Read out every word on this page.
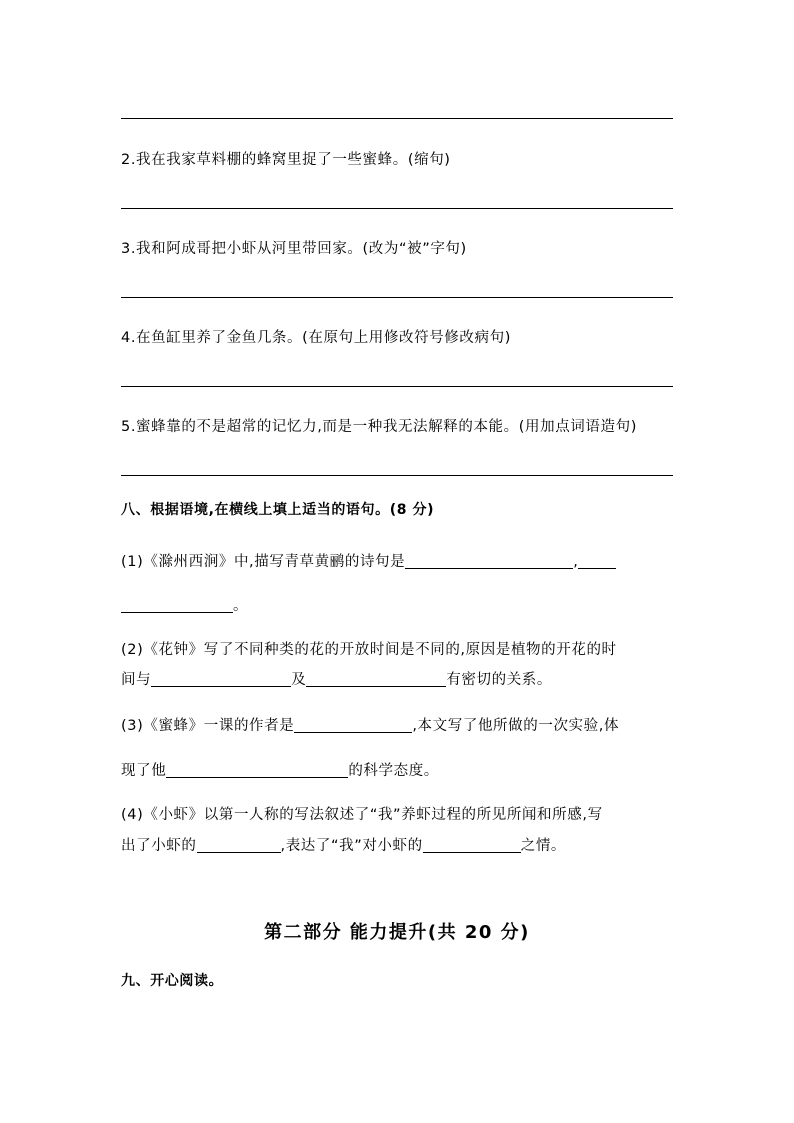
2.我在我家草料棚的蜂窝里捉了一些蜜蜂。(缩句)
3.我和阿成哥把小虾从河里带回家。(改为“被”字句)
4.在鱼缸里养了金鱼几条。(在原句上用修改符号修改病句)
5.蜜蜂靠的不是超常的记忆力,而是一种我无法解释的本能。(用加点词语造句)
八、根据语境,在横线上填上适当的语句。(8 分)
(1)《滁州西涧》中,描写青草黄鹂的诗句是	,
。
(2)《花钟》写了不同种类的花的开放时间是不同的,原因是植物的开花的时
间与	及	有密切的关系。
(3)《蜜蜂》一课的作者是	,本文写了他所做的一次实验,体
现了他	的科学态度。
(4)《小虾》以第一人称的写法叙述了“我”养虾过程的所见所闻和所感,写
出了小虾的	,表达了“我”对小虾的	之情。
第二部分 能力提升(共 20 分)
九、开心阅读。
